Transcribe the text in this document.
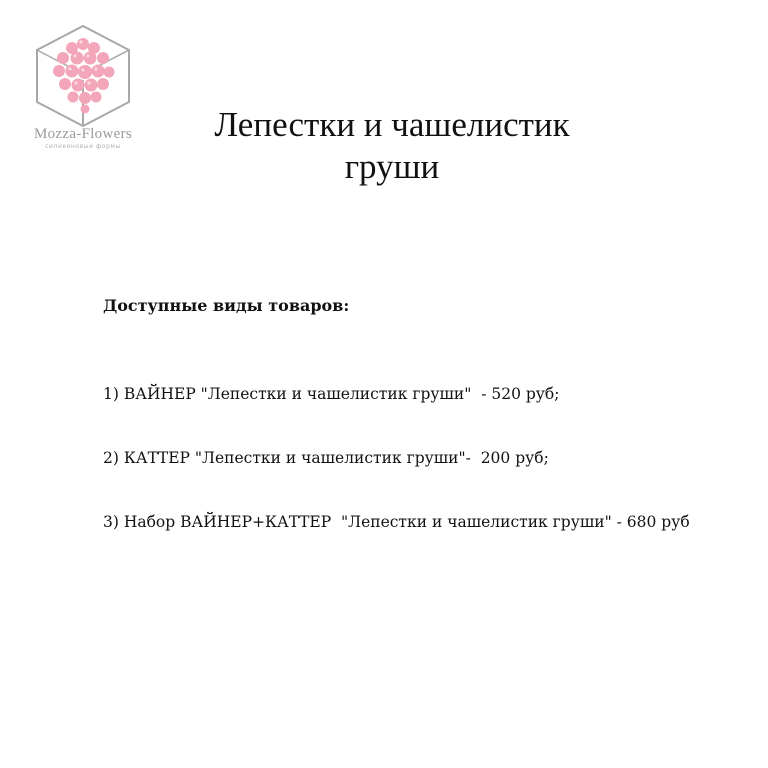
Mozza-Flowers
силиконовые формы
Лепестки и чашелистик
груши

Доступные виды товаров:

1) ВАЙНЕР "Лепестки и чашелистик груши"  - 520 руб;
2) КАТТЕР "Лепестки и чашелистик груши"-  200 руб;
3) Набор ВАЙНЕР+КАТТЕР  "Лепестки и чашелистик груши" - 680 руб
